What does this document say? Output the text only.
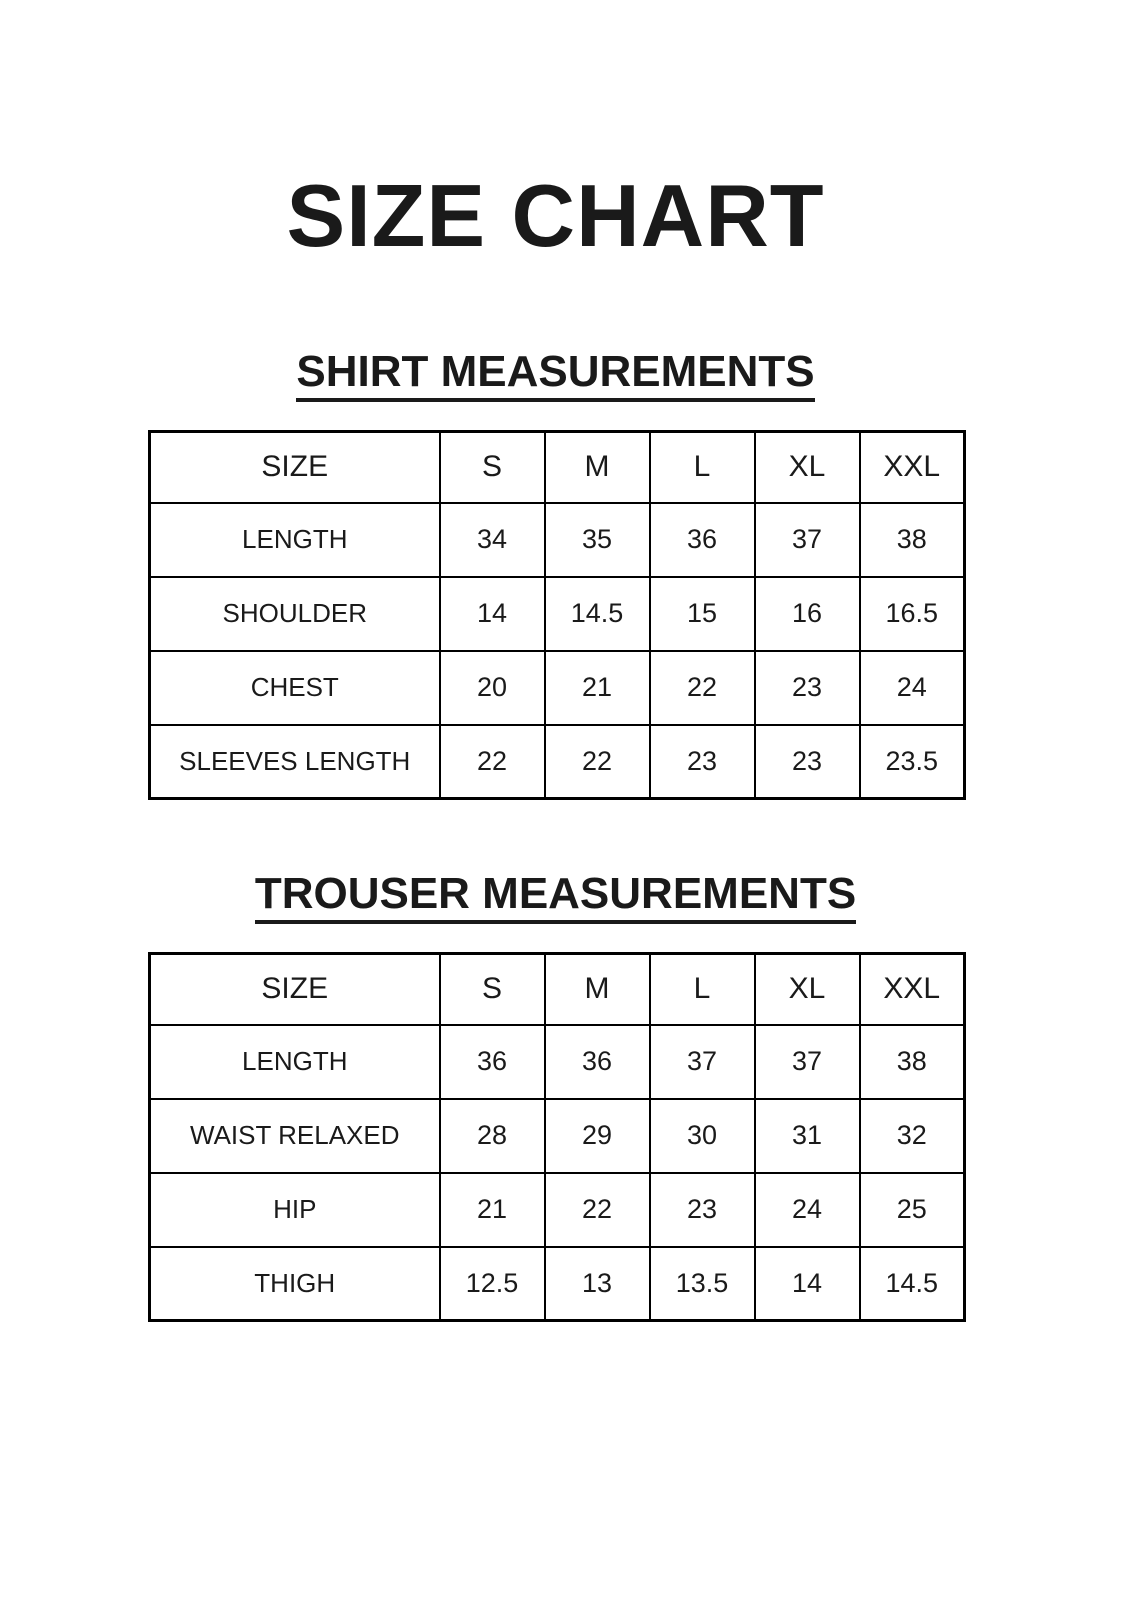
SIZE CHART
SHIRT MEASUREMENTS
SIZE	S	M	L	XL	XXL
LENGTH	34	35	36	37	38
SHOULDER	14	14.5	15	16	16.5
CHEST	20	21	22	23	24
SLEEVES LENGTH	22	22	23	23	23.5
TROUSER MEASUREMENTS
SIZE	S	M	L	XL	XXL
LENGTH	36	36	37	37	38
WAIST RELAXED	28	29	30	31	32
HIP	21	22	23	24	25
THIGH	12.5	13	13.5	14	14.5
